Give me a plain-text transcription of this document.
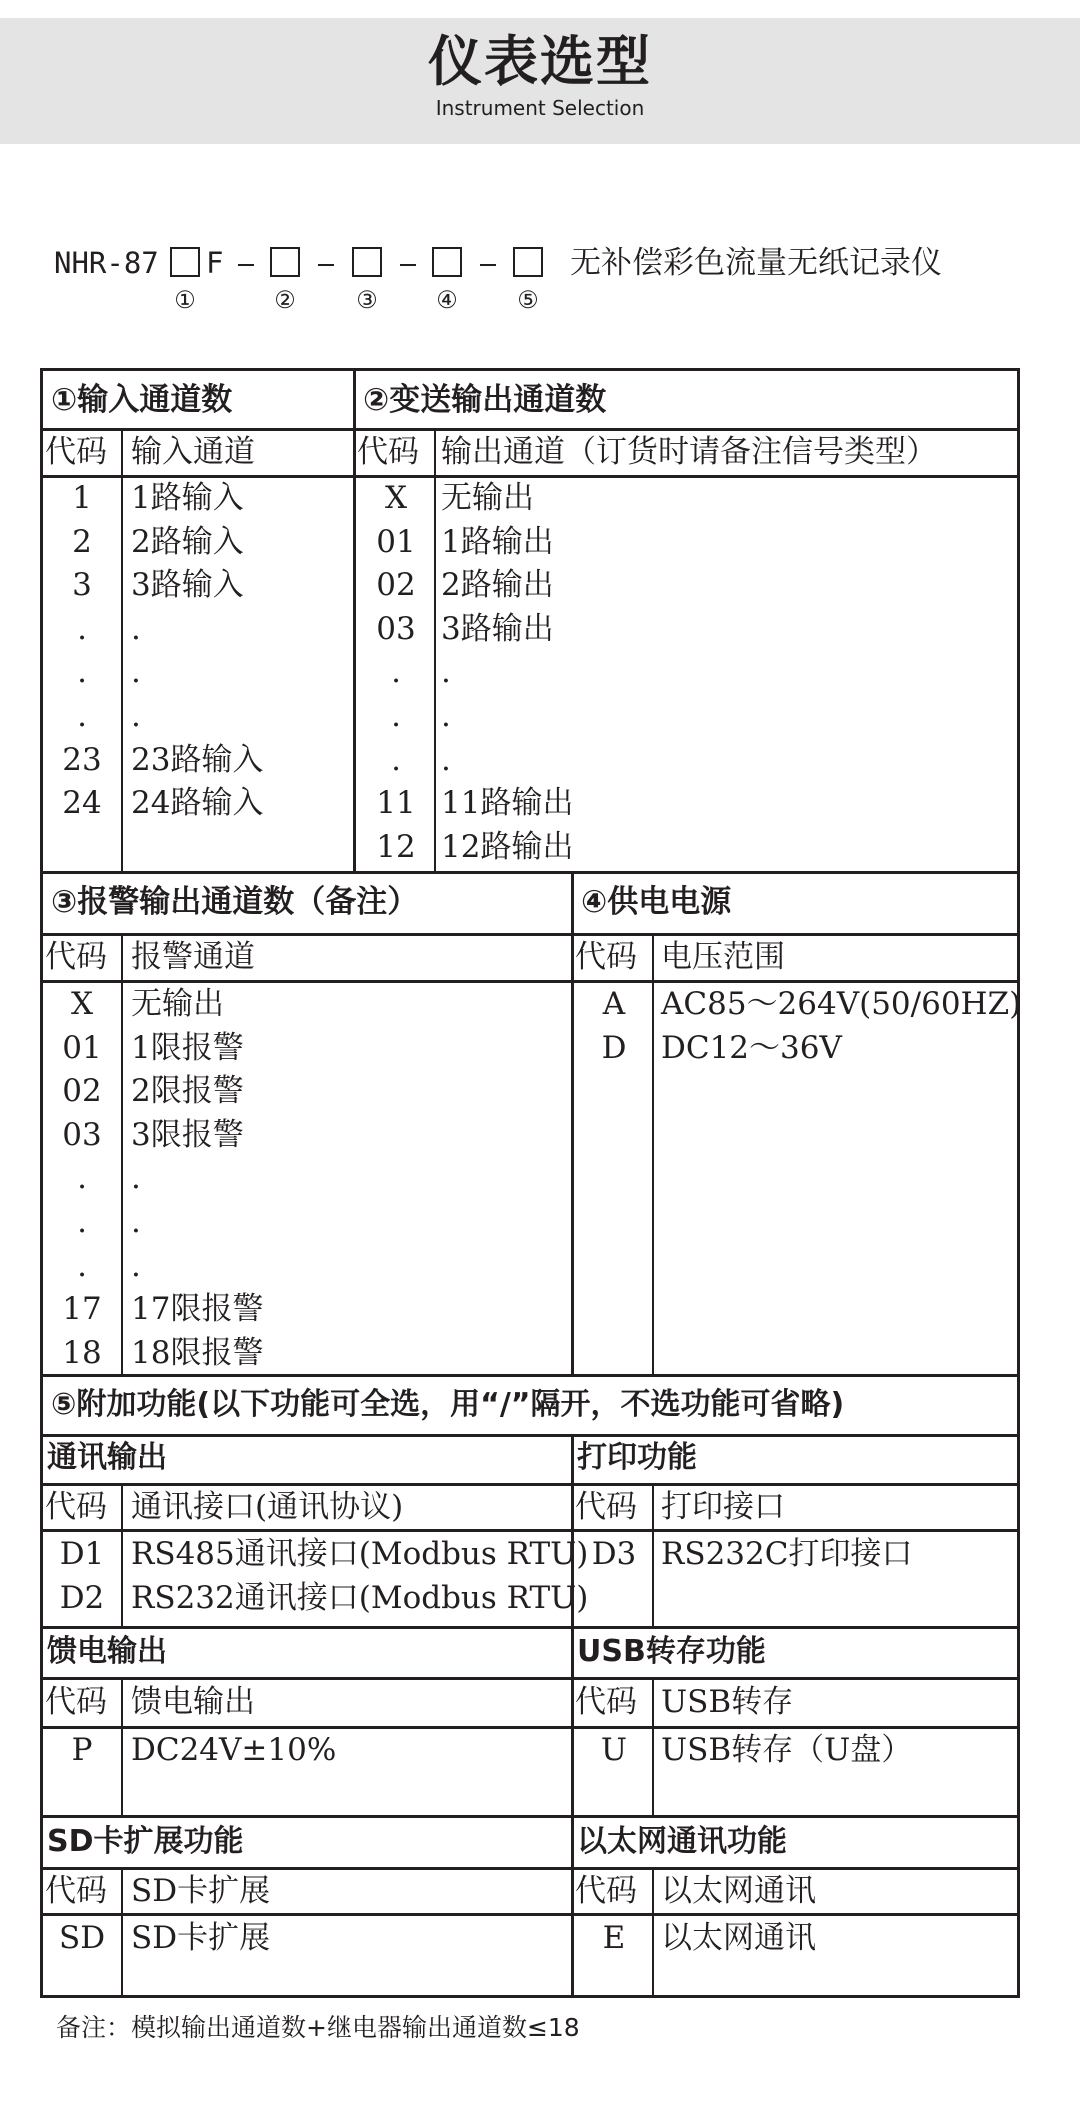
仪表选型
Instrument Selection
NHR-87 F	无补偿彩色流量无纸记录仪
①	②	③ ④ ⑤
①输入通道数
代码 输入通道
1	1路输入
2	2路输入
3	3路输入
.	.
.	.
.	.
23 23路输入
24 24路输入
②变送输出通道数
代码 输出通道（订货时请备注信号类型）
X	无输出
01 1路输出
02 2路输出
03 3路输出
.	.
.	.
.	.
11 11路输出
12 12路输出
③报警输出通道数（备注）
代码 报警通道
X	无输出
01 1限报警
02 2限报警
03 3限报警
.	.
.	.
.	.
17 17限报警
18 18限报警
④供电电源
代码 电压范围
A	AC85～264V(50/60HZ)
D	DC12～36V
⑤附加功能(以下功能可全选，用“/”隔开，不选功能可省略)
通讯输出
代码 通讯接口(通讯协议)
D1 RS485通讯接口(Modbus RTU)
D2 RS232通讯接口(Modbus RTU)
打印功能
代码 打印接口
D3 RS232C打印接口
馈电输出
代码 馈电输出
P	DC24V±10%
USB转存功能
代码 USB转存
U	USB转存（U盘）
SD卡扩展功能
代码 SD卡扩展
SD SD卡扩展
以太网通讯功能
代码 以太网通讯
E	以太网通讯
备注：模拟输出通道数+继电器输出通道数≤18
